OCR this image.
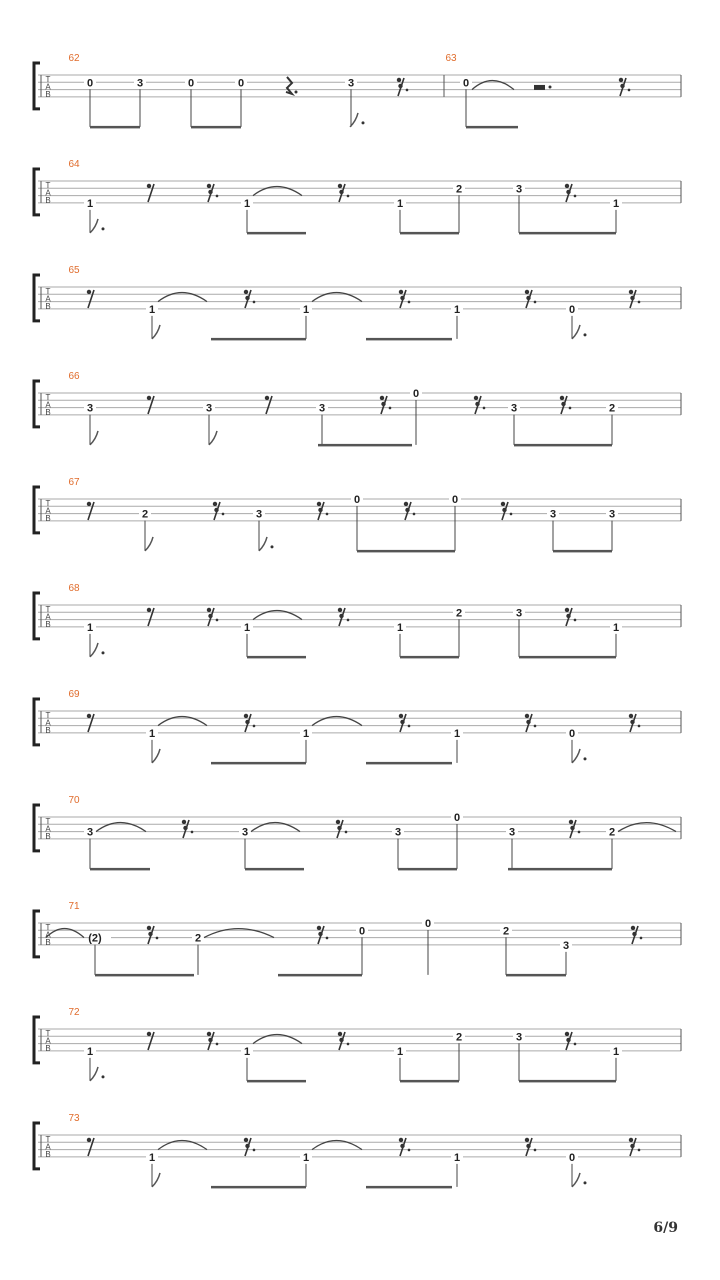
T
A
B
62	63
0	3	0	0	3	0
T
A
B
64
1	1	1
2	3
1
T
A
B
65
1	1	1	0
T
A
B
66
3	3	3
0
3	2
T
A
B
67
2	3
0	0
3	3
T
A
B
68
1	1	1
2	3
1
T
A
B
69
1	1	1	0
T
A
B
70
3	3	3
0
3	2
T
A
B
71
(2)	2
0
0
2
3
T
A
B
72
1	1	1
2	3
1
T
A
B
73
1	1	1	0
6/9
